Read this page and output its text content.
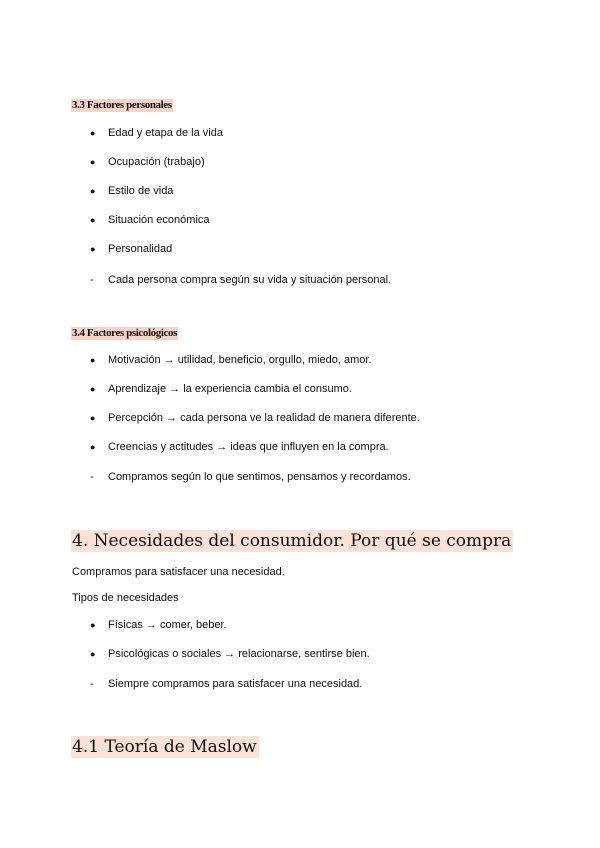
3.3 Factores personales
●	Edad y etapa de la vida
●	Ocupación (trabajo)
●	Estilo de vida
●	Situación económica
●	Personalidad
-	Cada persona compra según su vida y situación personal.
3.4 Factores psicológicos
●	Motivación → utilidad, beneficio, orgullo, miedo, amor.
●	Aprendizaje → la experiencia cambia el consumo.
●	Percepción → cada persona ve la realidad de manera diferente.
●	Creencias y actitudes → ideas que influyen en la compra.
-	Compramos según lo que sentimos, pensamos y recordamos.
4. Necesidades del consumidor. Por qué se compra
Compramos para satisfacer una necesidad.
Tipos de necesidades
●	Físicas → comer, beber.
●	Psicológicas o sociales → relacionarse, sentirse bien.
-	Siempre compramos para satisfacer una necesidad.
4.1 Teoría de Maslow
